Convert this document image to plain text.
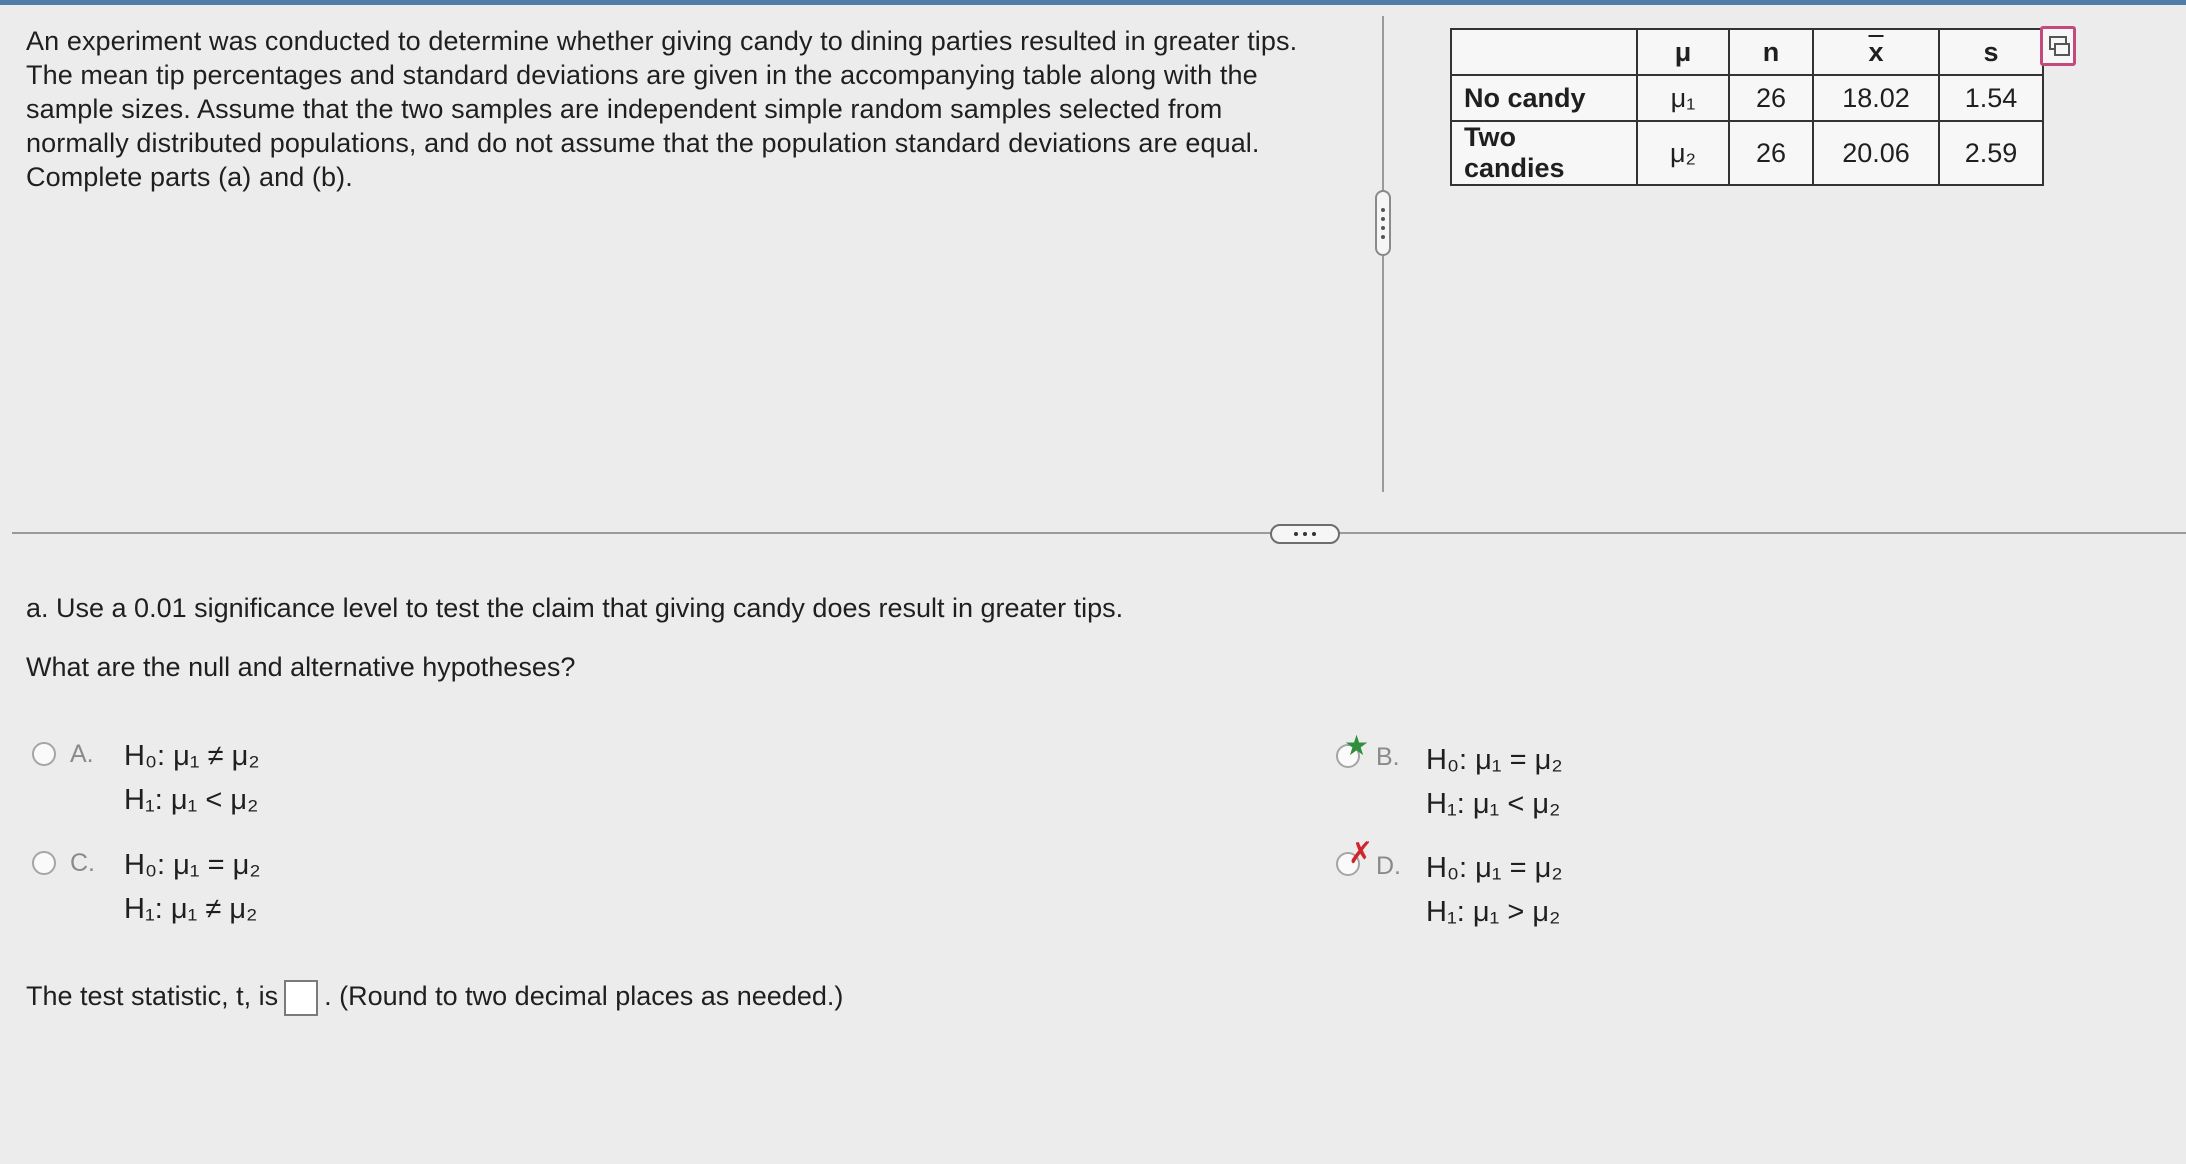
An experiment was conducted to determine whether giving candy to dining parties resulted in greater tips. The mean tip percentages and standard deviations are given in the accompanying table along with the sample sizes. Assume that the two samples are independent simple random samples selected from normally distributed populations, and do not assume that the population standard deviations are equal. Complete parts (a) and (b).
	μ	n	$\overline{x}$	s
No candy	μ₁	26	18.02	1.54
Two candies	μ₂	26	20.06	2.59
a. Use a 0.01 significance level to test the claim that giving candy does result in greater tips.
What are the null and alternative hypotheses?
A. H₀: μ₁ ≠ μ₂
H₁: μ₁ < μ₂
★ B. H₀: μ₁ = μ₂
H₁: μ₁ < μ₂
C. H₀: μ₁ = μ₂
H₁: μ₁ ≠ μ₂
✗ D. H₀: μ₁ = μ₂
H₁: μ₁ > μ₂
The test statistic, t, is . (Round to two decimal places as needed.)
